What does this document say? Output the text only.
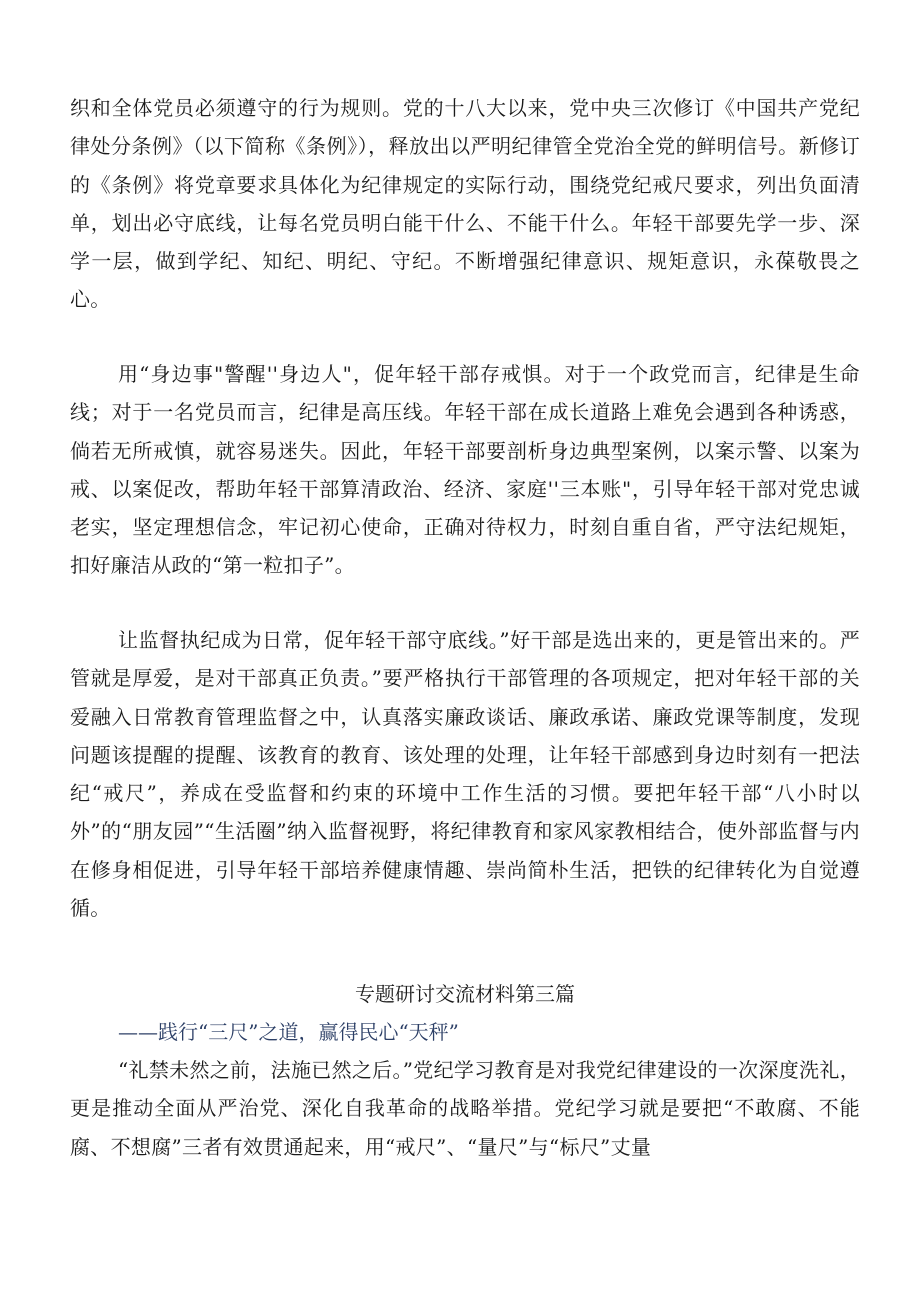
织和全体党员必须遵守的行为规则。党的十八大以来，党中央三次修订《中国共产党纪律处分条例》（以下简称《条例》），释放出以严明纪律管全党治全党的鲜明信号。新修订的《条例》将党章要求具体化为纪律规定的实际行动，围绕党纪戒尺要求，列出负面清单，划出必守底线，让每名党员明白能干什么、不能干什么。年轻干部要先学一步、深学一层，做到学纪、知纪、明纪、守纪。不断增强纪律意识、规矩意识，永葆敬畏之心。

用“身边事"警醒''身边人"，促年轻干部存戒惧。对于一个政党而言，纪律是生命线；对于一名党员而言，纪律是高压线。年轻干部在成长道路上难免会遇到各种诱惑，倘若无所戒慎，就容易迷失。因此，年轻干部要剖析身边典型案例，以案示警、以案为戒、以案促改，帮助年轻干部算清政治、经济、家庭''三本账"，引导年轻干部对党忠诚老实，坚定理想信念，牢记初心使命，正确对待权力，时刻自重自省，严守法纪规矩，扣好廉洁从政的“第一粒扣子”。

让监督执纪成为日常，促年轻干部守底线。”好干部是选出来的，更是管出来的。严管就是厚爱，是对干部真正负责。”要严格执行干部管理的各项规定，把对年轻干部的关爱融入日常教育管理监督之中，认真落实廉政谈话、廉政承诺、廉政党课等制度，发现问题该提醒的提醒、该教育的教育、该处理的处理，让年轻干部感到身边时刻有一把法纪“戒尺”，养成在受监督和约束的环境中工作生活的习惯。要把年轻干部“八小时以外”的“朋友园”“生活圈”纳入监督视野，将纪律教育和家风家教相结合，使外部监督与内在修身相促进，引导年轻干部培养健康情趣、崇尚简朴生活，把铁的纪律转化为自觉遵循。

专题研讨交流材料第三篇

——践行“三尺”之道，赢得民心“天秤”

“礼禁未然之前，法施已然之后。”党纪学习教育是对我党纪律建设的一次深度洗礼，更是推动全面从严治党、深化自我革命的战略举措。党纪学习就是要把“不敢腐、不能腐、不想腐”三者有效贯通起来，用“戒尺”、“量尺”与“标尺”丈量
